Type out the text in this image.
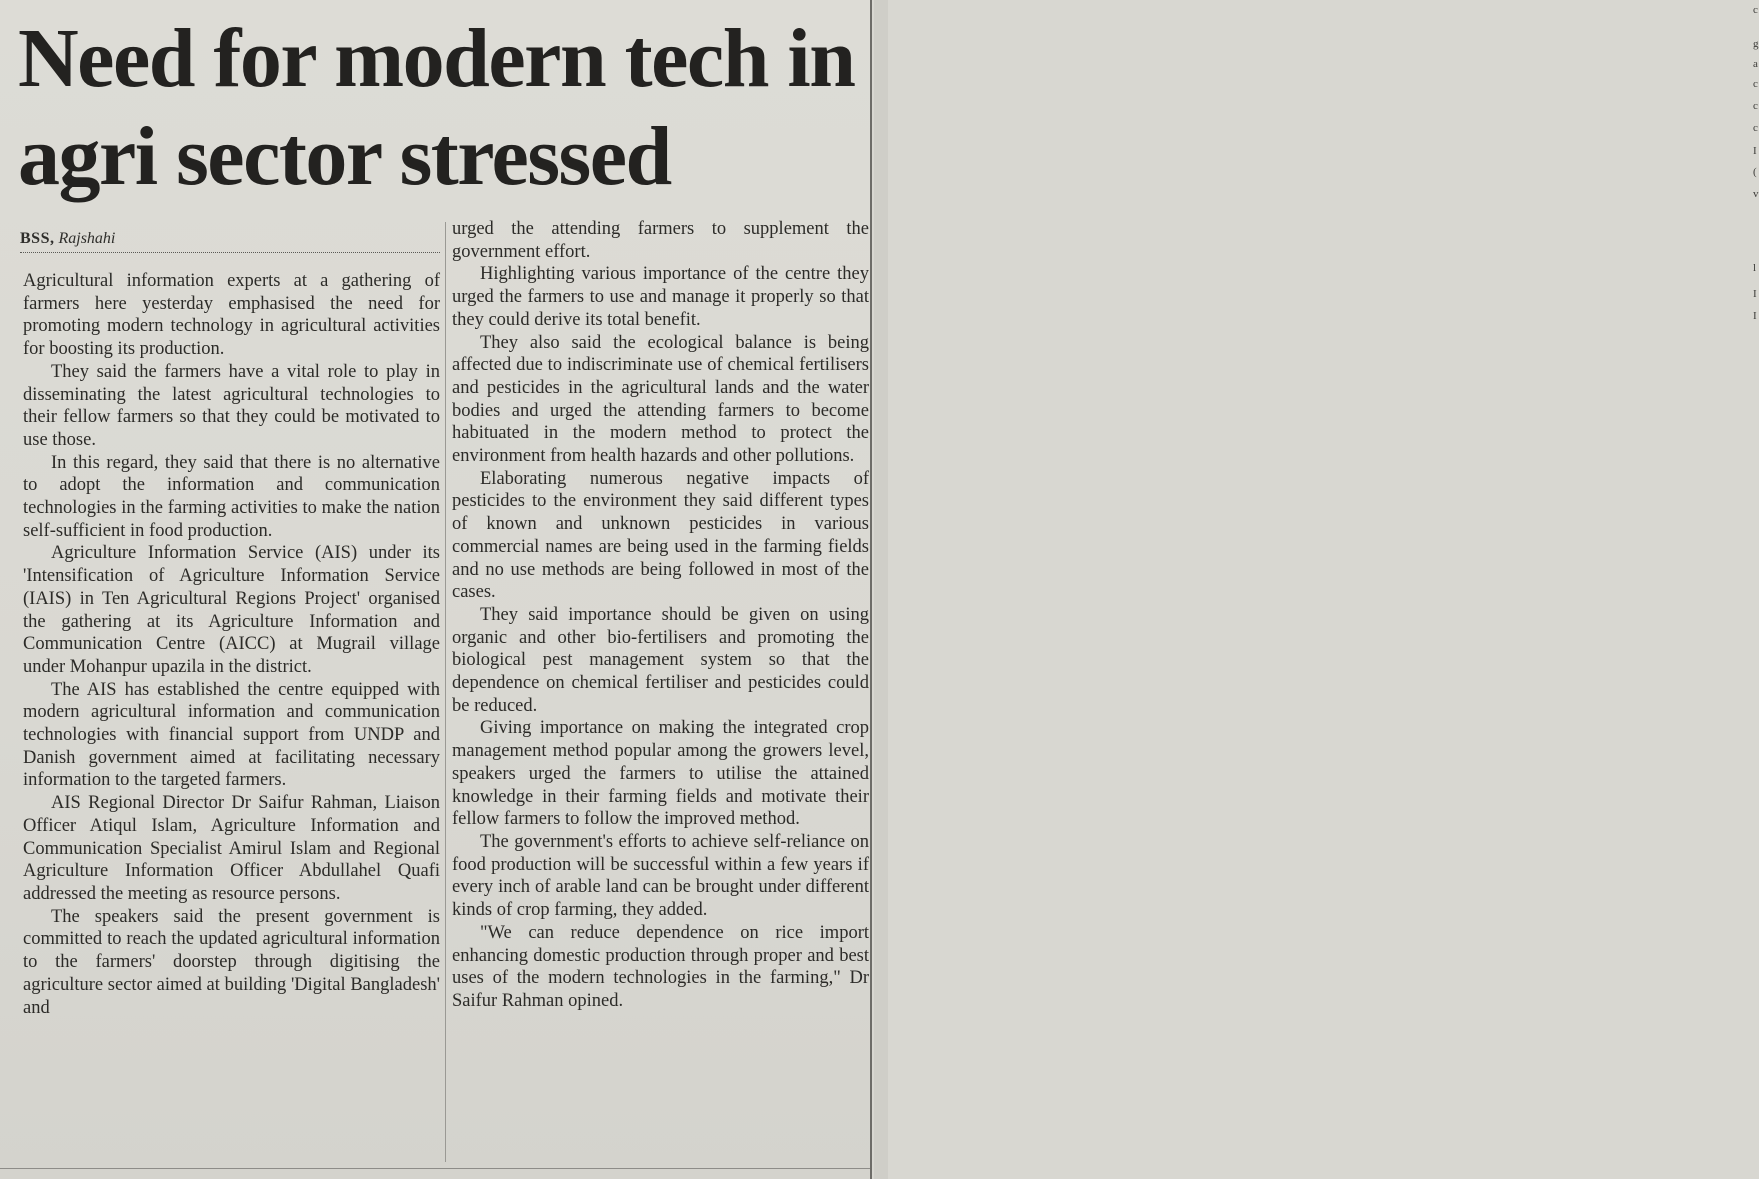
Need for modern tech in agri sector stressed
BSS, Rajshahi

Agricultural information experts at a gathering of farmers here yesterday emphasised the need for promoting modern technology in agricultural activities for boosting its production.

They said the farmers have a vital role to play in disseminating the latest agricultural technologies to their fellow farmers so that they could be motivated to use those.

In this regard, they said that there is no alternative to adopt the information and communication technologies in the farming activities to make the nation self-sufficient in food production.

Agriculture Information Service (AIS) under its 'Intensification of Agriculture Information Service (IAIS) in Ten Agricultural Regions Project' organised the gathering at its Agriculture Information and Communication Centre (AICC) at Mugrail village under Mohanpur upazila in the district.

The AIS has established the centre equipped with modern agricultural information and communication technologies with financial support from UNDP and Danish government aimed at facilitating necessary information to the targeted farmers.

AIS Regional Director Dr Saifur Rahman, Liaison Officer Atiqul Islam, Agriculture Information and Communication Specialist Amirul Islam and Regional Agriculture Information Officer Abdullahel Quafi addressed the meeting as resource persons.

The speakers said the present government is committed to reach the updated agricultural information to the farmers' doorstep through digitising the agriculture sector aimed at building 'Digital Bangladesh' and

urged the attending farmers to supplement the government effort.

Highlighting various importance of the centre they urged the farmers to use and manage it properly so that they could derive its total benefit.

They also said the ecological balance is being affected due to indiscriminate use of chemical fertilisers and pesticides in the agricultural lands and the water bodies and urged the attending farmers to become habituated in the modern method to protect the environment from health hazards and other pollutions.

Elaborating numerous negative impacts of pesticides to the environment they said different types of known and unknown pesticides in various commercial names are being used in the farming fields and no use methods are being followed in most of the cases.

They said importance should be given on using organic and other bio-fertilisers and promoting the biological pest management system so that the dependence on chemical fertiliser and pesticides could be reduced.

Giving importance on making the integrated crop management method popular among the growers level, speakers urged the farmers to utilise the attained knowledge in their farming fields and motivate their fellow farmers to follow the improved method.

The government's efforts to achieve self-reliance on food production will be successful within a few years if every inch of arable land can be brought under different kinds of crop farming, they added.

"We can reduce dependence on rice import enhancing domestic production through proper and best uses of the modern technologies in the farming," Dr Saifur Rahman opined.

c
g
a
c
c
c
I
(
v
l
I
I
